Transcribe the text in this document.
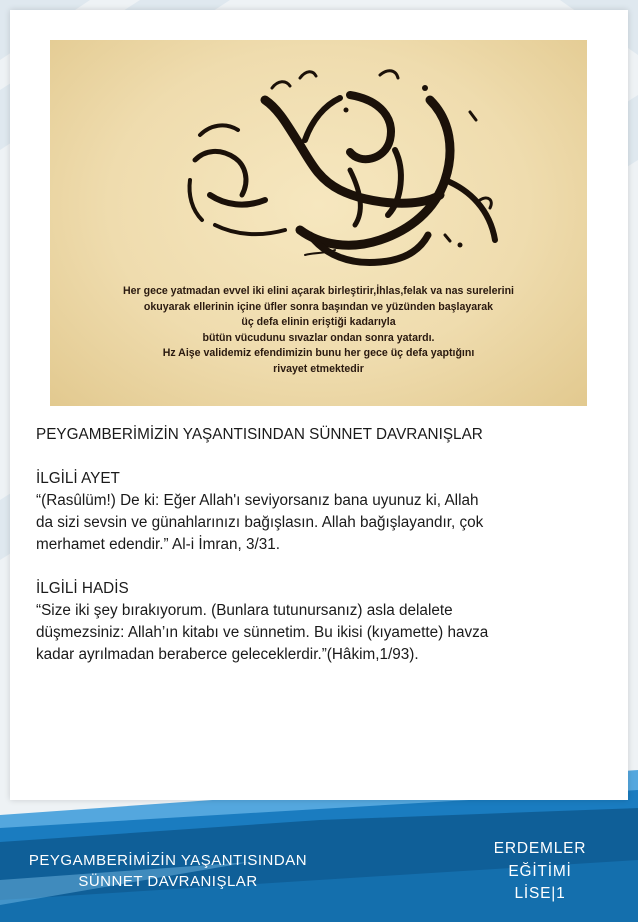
Her gece yatmadan evvel iki elini açarak birleştirir,İhlas,felak va nas surelerini
okuyarak ellerinin içine üfler sonra başından ve yüzünden başlayarak
üç defa elinin eriştiği kadarıyla
bütün vücudunu sıvazlar ondan sonra yatardı.
Hz Aişe validemiz efendimizin bunu her gece üç defa yaptığını
rivayet etmektedir
PEYGAMBERİMİZİN YAŞANTISINDAN SÜNNET DAVRANIŞLAR
İLGİLİ AYET
“(Rasûlüm!) De ki: Eğer Allah'ı seviyorsanız bana uyunuz ki, Allah
da sizi sevsin ve günahlarınızı bağışlasın. Allah bağışlayandır, çok
merhamet edendir.” Al-i İmran, 3/31.
İLGİLİ HADİS
“Size iki şey bırakıyorum. (Bunlara tutunursanız) asla delalete
düşmezsiniz: Allah’ın kitabı ve sünnetim. Bu ikisi (kıyamette) havza
kadar ayrılmadan beraberce geleceklerdir.”(Hâkim,1/93).
PEYGAMBERİMİZİN YAŞANTISINDAN
SÜNNET DAVRANIŞLAR
ERDEMLER
EĞİTİMİ
LİSE|1
